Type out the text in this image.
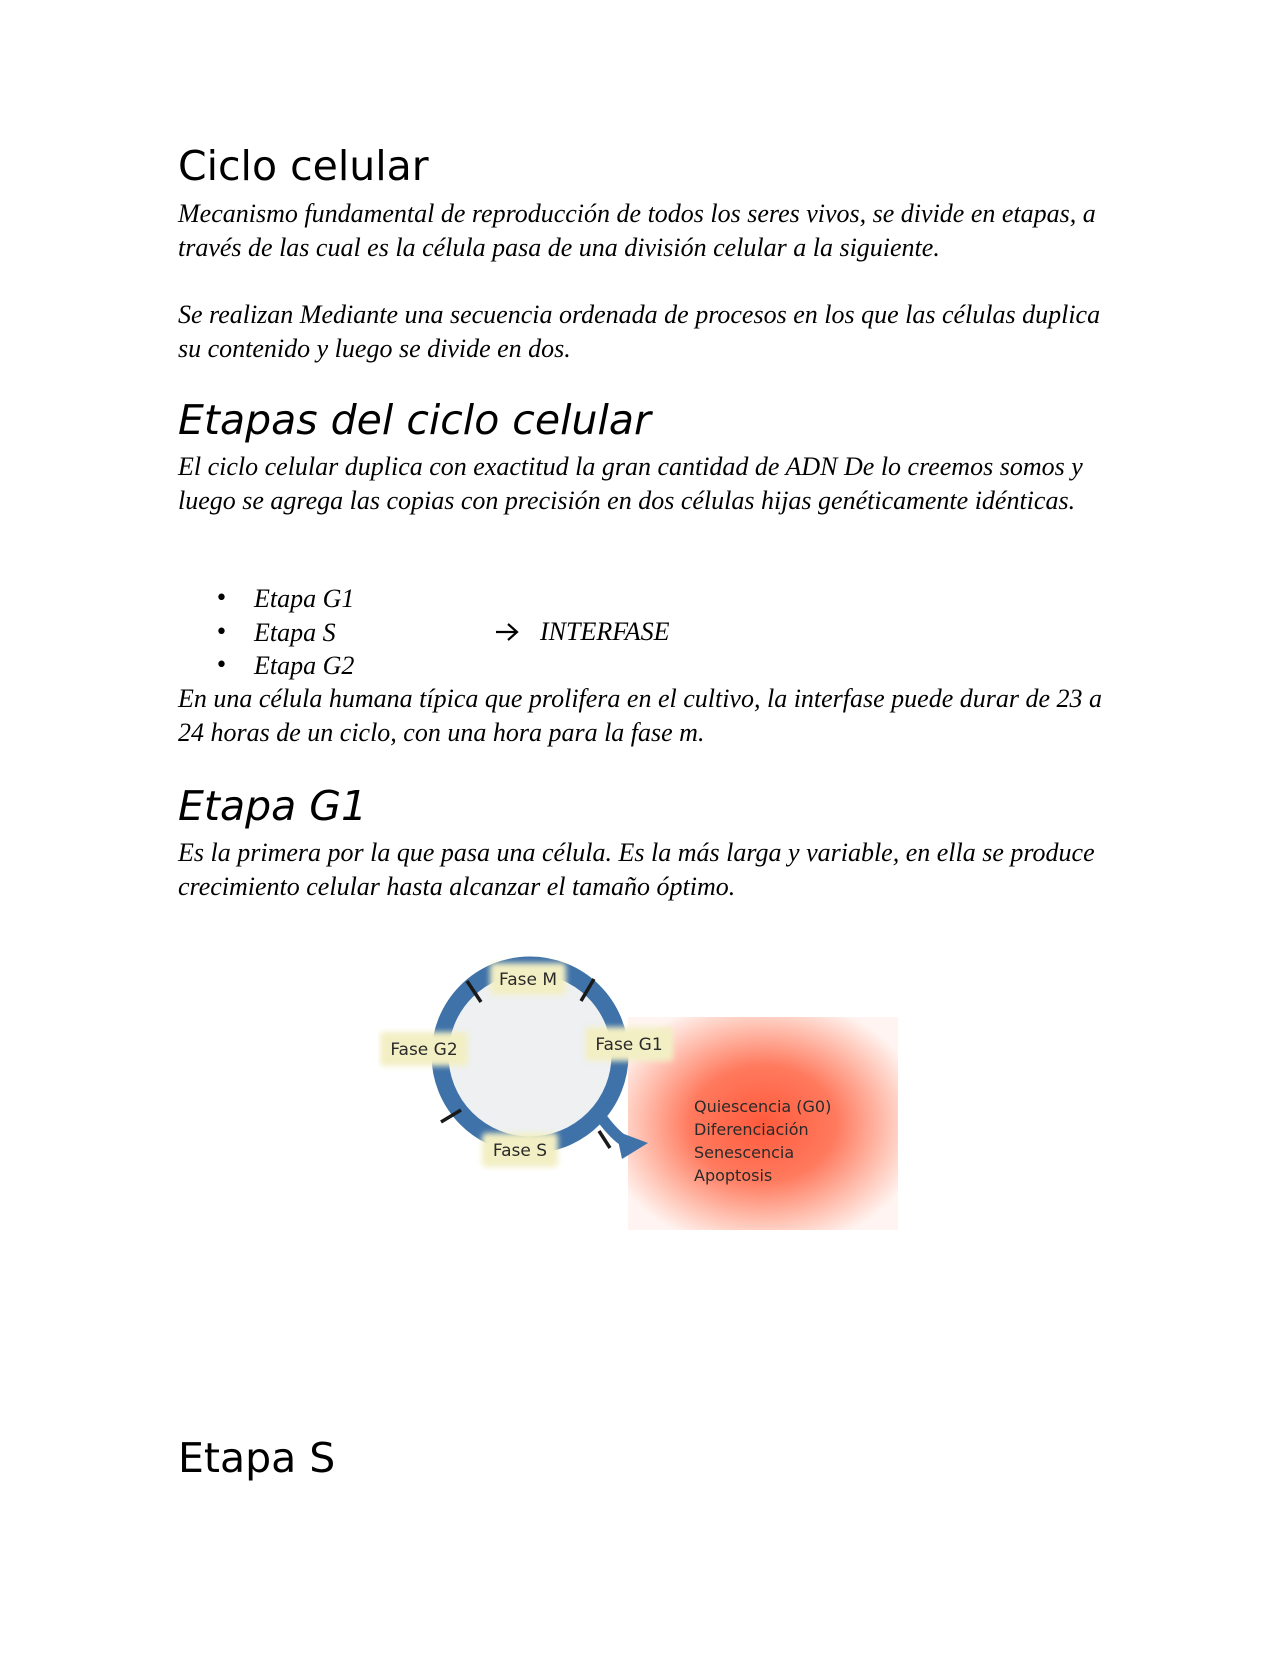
Ciclo celular

Mecanismo fundamental de reproducción de todos los seres vivos, se divide en etapas, a través de las cual es la célula pasa de una división celular a la siguiente.

Se realizan Mediante una secuencia ordenada de procesos en los que las células duplica su contenido y luego se divide en dos.

Etapas del ciclo celular

El ciclo celular duplica con exactitud la gran cantidad de ADN De lo creemos somos y luego se agrega las copias con precisión en dos células hijas genéticamente idénticas.

• Etapa G1
• Etapa S
• Etapa G2
INTERFASE

En una célula humana típica que prolifera en el cultivo, la interfase puede durar de 23 a 24 horas de un ciclo, con una hora para la fase m.

Etapa G1

Es la primera por la que pasa una célula. Es la más larga y variable, en ella se produce crecimiento celular hasta alcanzar el tamaño óptimo.

Fase M
Fase G1
Fase G2
Fase S
Quiescencia (G0)
Diferenciación
Senescencia
Apoptosis
Etapa S
